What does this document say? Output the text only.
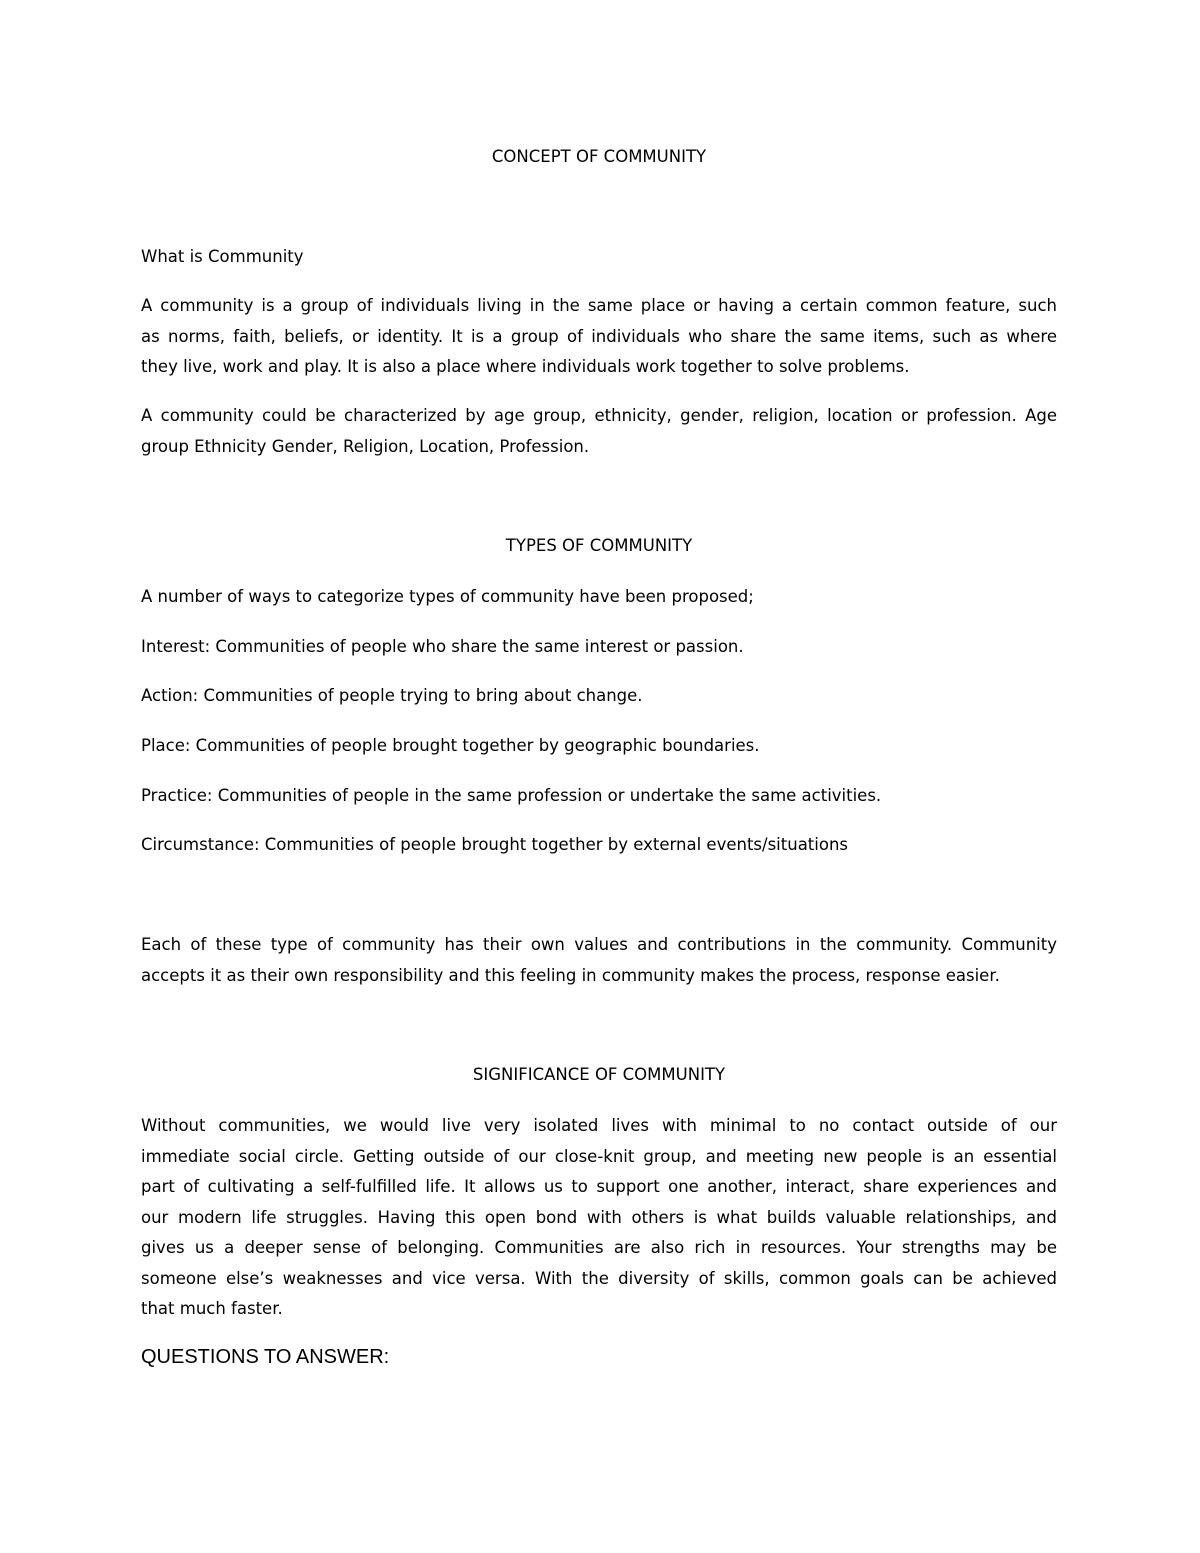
CONCEPT OF COMMUNITY

What is Community

A community is a group of individuals living in the same place or having a certain common feature, such
as norms, faith, beliefs, or identity. It is a group of individuals who share the same items, such as where
they live, work and play. It is also a place where individuals work together to solve problems.
A community could be characterized by age group, ethnicity, gender, religion, location or profession. Age
group Ethnicity Gender, Religion, Location, Profession.

TYPES OF COMMUNITY

A number of ways to categorize types of community have been proposed;

Interest: Communities of people who share the same interest or passion.

Action: Communities of people trying to bring about change.

Place: Communities of people brought together by geographic boundaries.

Practice: Communities of people in the same profession or undertake the same activities.

Circumstance: Communities of people brought together by external events/situations

Each of these type of community has their own values and contributions in the community. Community
accepts it as their own responsibility and this feeling in community makes the process, response easier.

SIGNIFICANCE OF COMMUNITY

Without communities, we would live very isolated lives with minimal to no contact outside of our
immediate social circle. Getting outside of our close-knit group, and meeting new people is an essential
part of cultivating a self-fulfilled life. It allows us to support one another, interact, share experiences and
our modern life struggles. Having this open bond with others is what builds valuable relationships, and
gives us a deeper sense of belonging. Communities are also rich in resources. Your strengths may be
someone else’s weaknesses and vice versa. With the diversity of skills, common goals can be achieved
that much faster.

QUESTIONS TO ANSWER:
